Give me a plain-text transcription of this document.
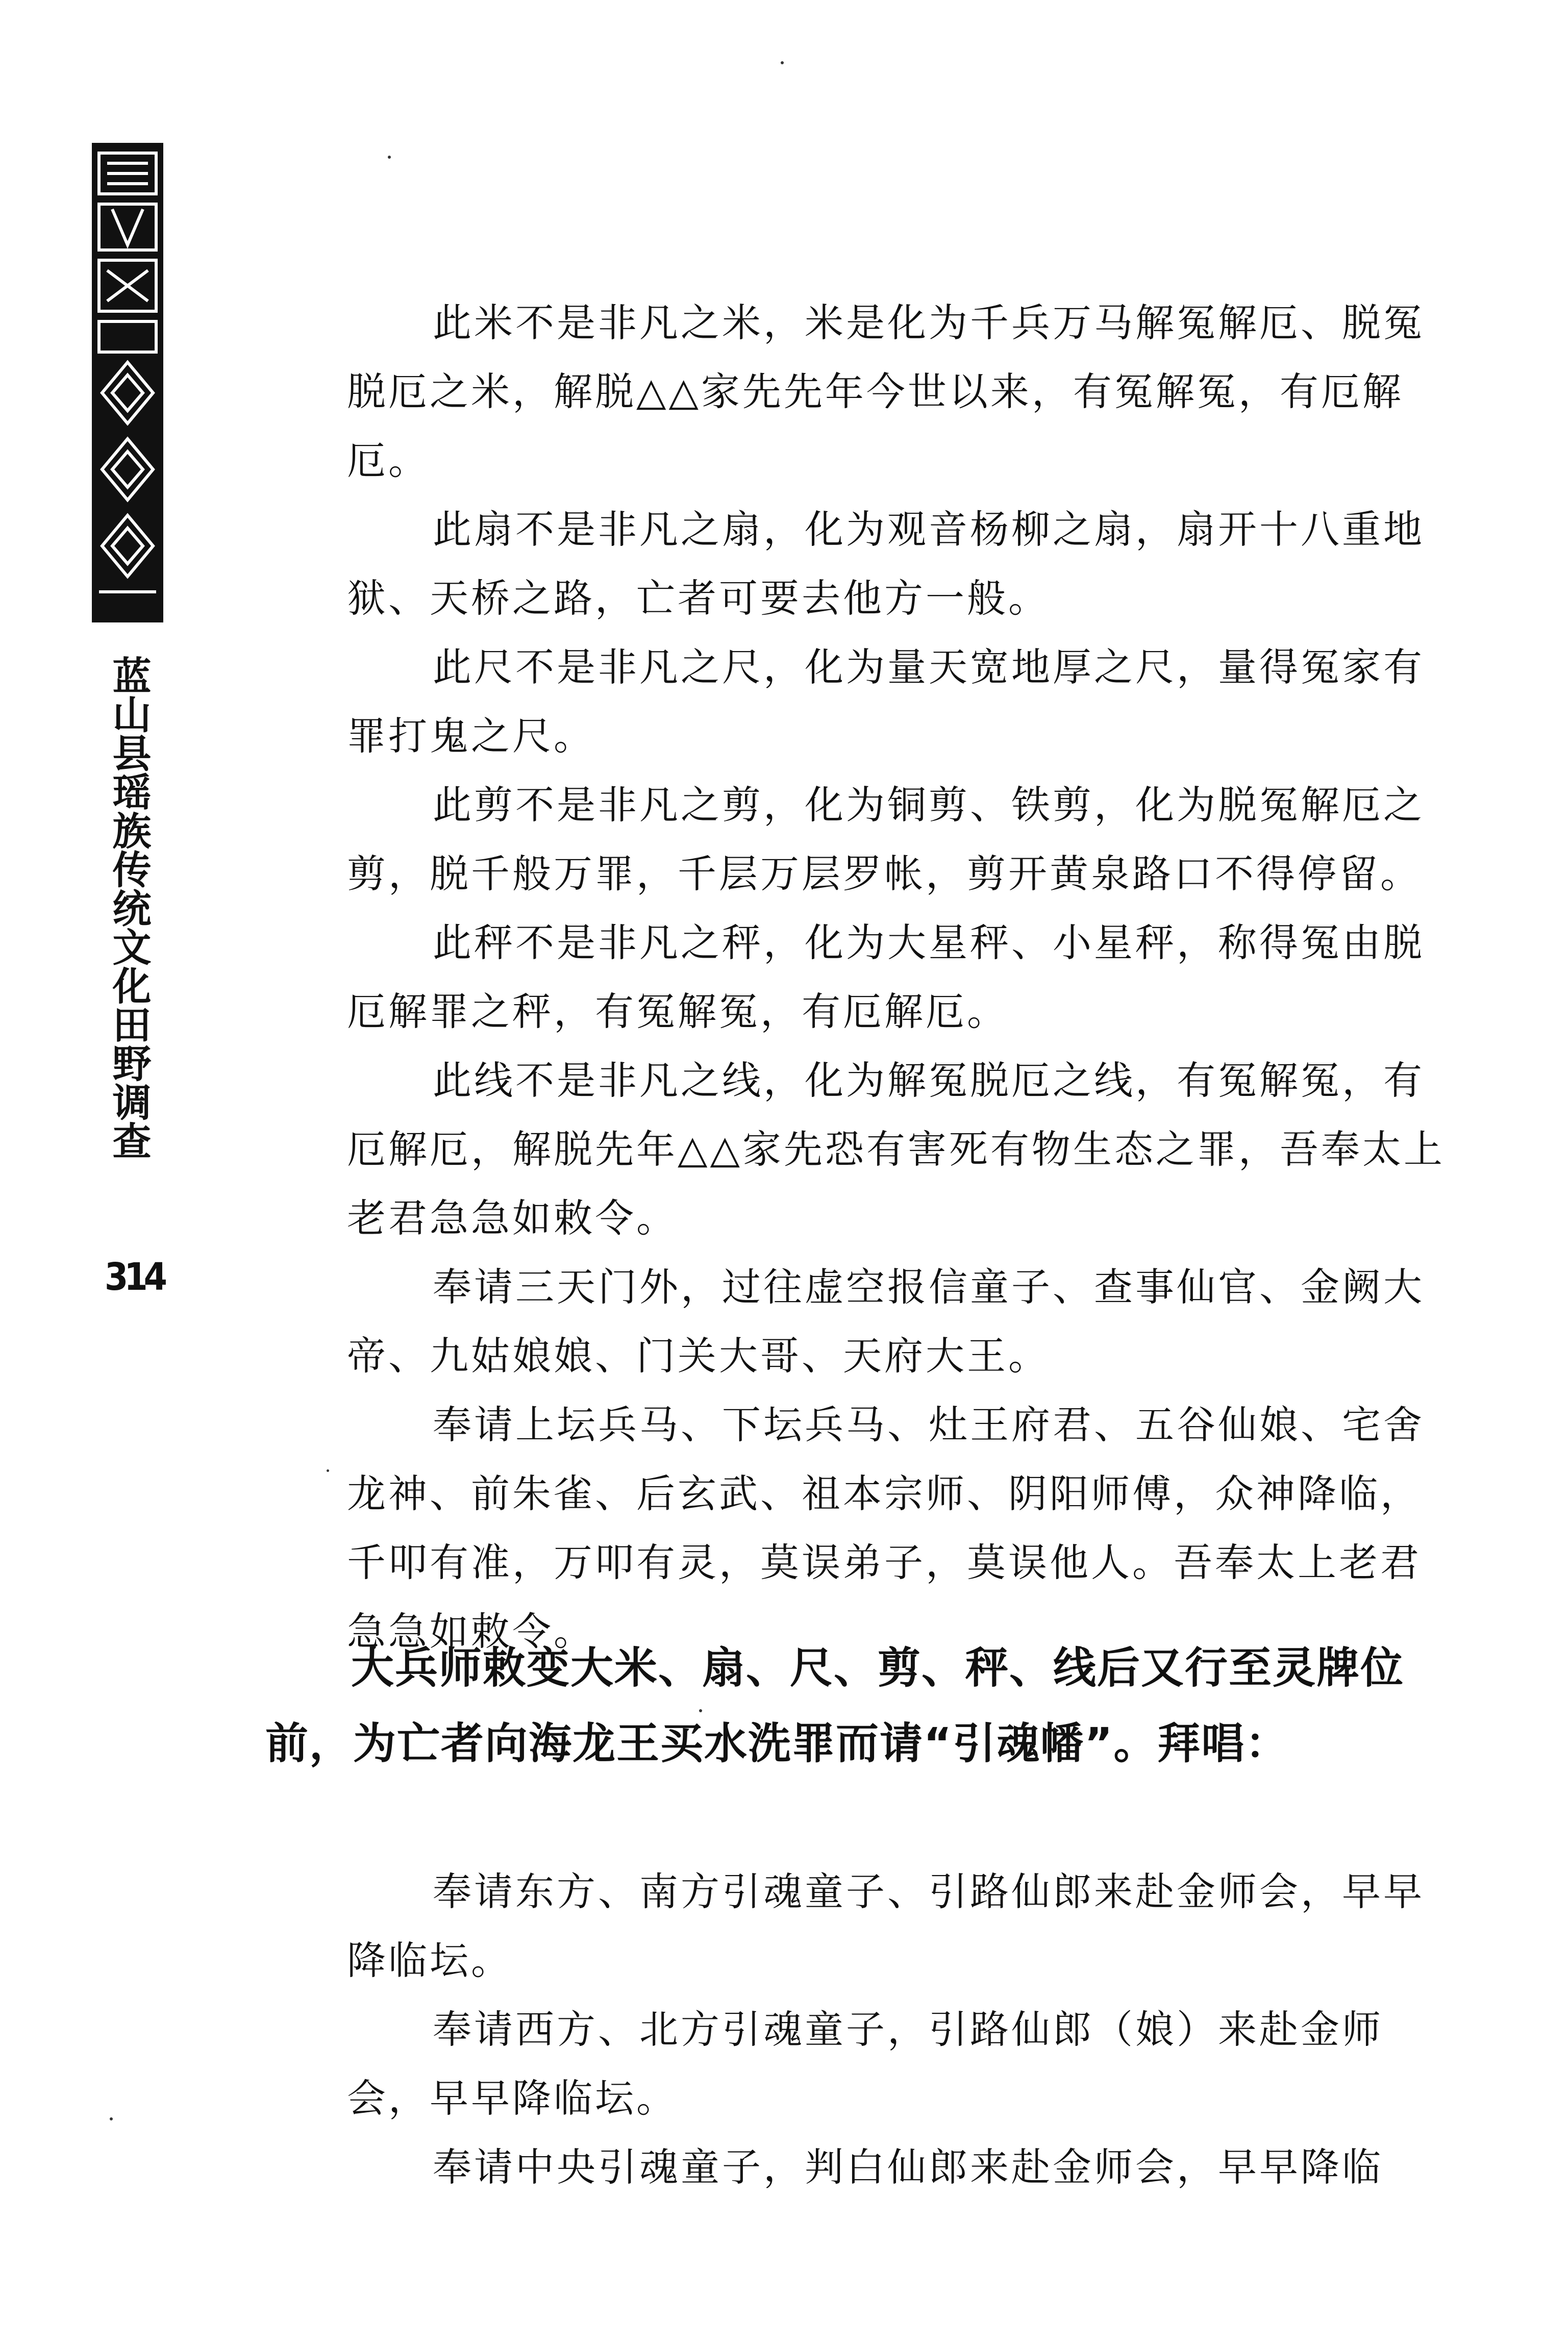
蓝山县瑶族传统文化田野调查
314

此米不是非凡之米，米是化为千兵万马解冤解厄、脱冤脱厄之米，解脱△△家先先年今世以来，有冤解冤，有厄解厄。

此扇不是非凡之扇，化为观音杨柳之扇，扇开十八重地狱、天桥之路，亡者可要去他方一般。

此尺不是非凡之尺，化为量天宽地厚之尺，量得冤家有罪打鬼之尺。

此剪不是非凡之剪，化为铜剪、铁剪，化为脱冤解厄之剪，脱千般万罪，千层万层罗帐，剪开黄泉路口不得停留。

此秤不是非凡之秤，化为大星秤、小星秤，称得冤由脱厄解罪之秤，有冤解冤，有厄解厄。

此线不是非凡之线，化为解冤脱厄之线，有冤解冤，有厄解厄，解脱先年△△家先恐有害死有物生态之罪，吾奉太上老君急急如敕令。

奉请三天门外，过往虚空报信童子、查事仙官、金阙大帝、九姑娘娘、门关大哥、天府大王。

奉请上坛兵马、下坛兵马、灶王府君、五谷仙娘、宅舍龙神、前朱雀、后玄武、祖本宗师、阴阳师傅，众神降临，千叩有准，万叩有灵，莫误弟子，莫误他人。吾奉太上老君急急如敕令。

大兵师敕变大米、扇、尺、剪、秤、线后又行至灵牌位前，为亡者向海龙王买水洗罪而请“引魂幡”。拜唱：

奉请东方、南方引魂童子、引路仙郎来赴金师会，早早降临坛。

奉请西方、北方引魂童子，引路仙郎（娘）来赴金师会，早早降临坛。

奉请中央引魂童子，判白仙郎来赴金师会，早早降临
